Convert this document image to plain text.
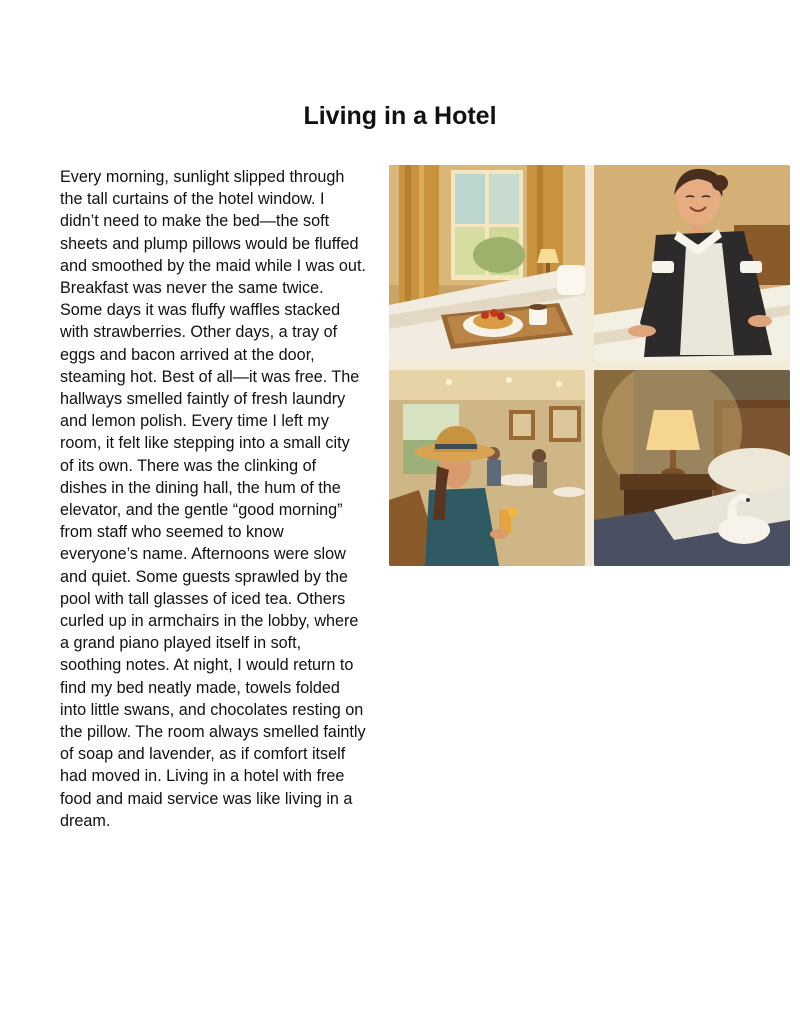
Living in a Hotel

Every morning, sunlight slipped through the tall curtains of the hotel window. I didn’t need to make the bed—the soft sheets and plump pillows would be fluffed and smoothed by the maid while I was out. Breakfast was never the same twice. Some days it was fluffy waffles stacked with strawberries. Other days, a tray of eggs and bacon arrived at the door, steaming hot. Best of all—it was free. The hallways smelled faintly of fresh laundry and lemon polish. Every time I left my room, it felt like stepping into a small city of its own. There was the clinking of dishes in the dining hall, the hum of the elevator, and the gentle “good morning” from staff who seemed to know everyone’s name. Afternoons were slow and quiet. Some guests sprawled by the pool with tall glasses of iced tea. Others curled up in armchairs in the lobby, where a grand piano played itself in soft, soothing notes. At night, I would return to find my bed neatly made, towels folded into little swans, and chocolates resting on the pillow. The room always smelled faintly of soap and lavender, as if comfort itself had moved in. Living in a hotel with free food and maid service was like living in a dream.
